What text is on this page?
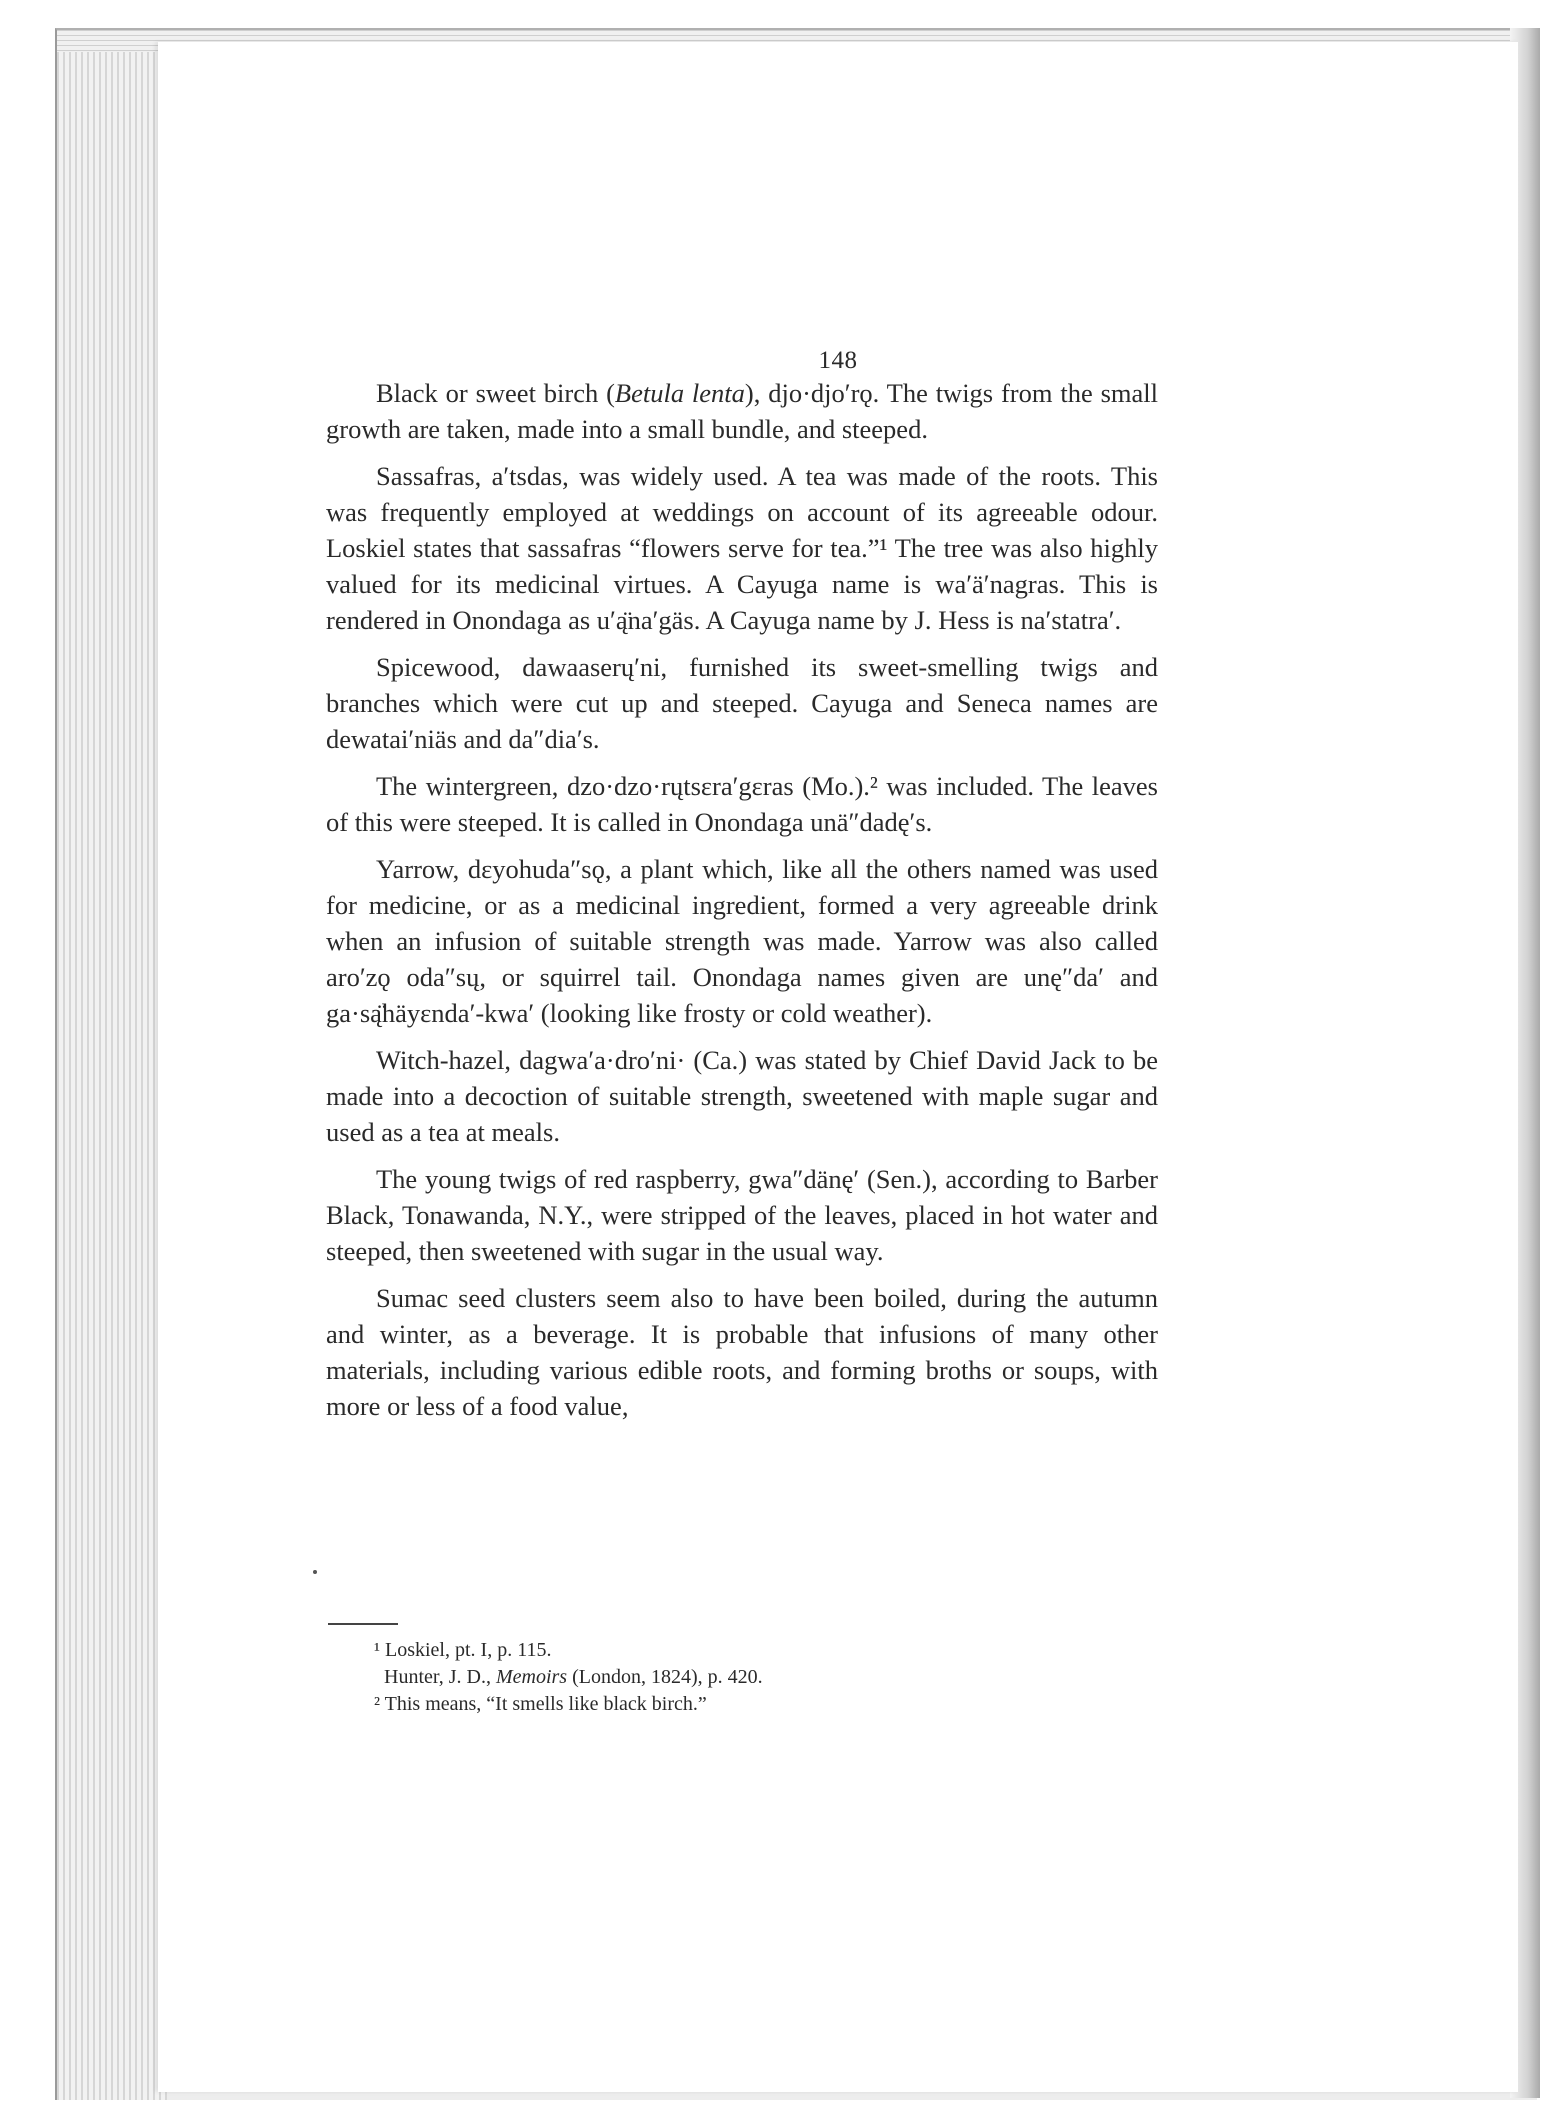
148

Black or sweet birch (Betula lenta), djo·djo′rǫ. The twigs from the small growth are taken, made into a small bundle, and steeped.

Sassafras, a′tsdas, was widely used. A tea was made of the roots. This was frequently employed at weddings on account of its agreeable odour. Loskiel states that sassafras “flowers serve for tea.”¹ The tree was also highly valued for its medicinal virtues. A Cayuga name is wa′ä′nagras. This is rendered in Onondaga as u′ą̈na′gäs. A Cayuga name by J. Hess is na′statra′.

Spicewood, dawaaserų′ni, furnished its sweet-smelling twigs and branches which were cut up and steeped. Cayuga and Seneca names are dewatai′niäs and da″dia′s.

The wintergreen, dzo·dzo·rųtsɛra′gɛras (Mo.).² was included. The leaves of this were steeped. It is called in Onondaga unä″dadę′s.

Yarrow, dɛyohuda″sǫ, a plant which, like all the others named was used for medicine, or as a medicinal ingredient, formed a very agreeable drink when an infusion of suitable strength was made. Yarrow was also called aro′zǫ oda″sų, or squirrel tail. Onondaga names given are unę″da′ and ga·są̈häyɛnda′-kwa′ (looking like frosty or cold weather).

Witch-hazel, dagwa′a·dro′ni· (Ca.) was stated by Chief David Jack to be made into a decoction of suitable strength, sweetened with maple sugar and used as a tea at meals.

The young twigs of red raspberry, gwa″dänę′ (Sen.), according to Barber Black, Tonawanda, N.Y., were stripped of the leaves, placed in hot water and steeped, then sweetened with sugar in the usual way.

Sumac seed clusters seem also to have been boiled, during the autumn and winter, as a beverage. It is probable that infusions of many other materials, including various edible roots, and forming broths or soups, with more or less of a food value,

¹ Loskiel, pt. I, p. 115.

Hunter, J. D., Memoirs (London, 1824), p. 420.

² This means, “It smells like black birch.”
